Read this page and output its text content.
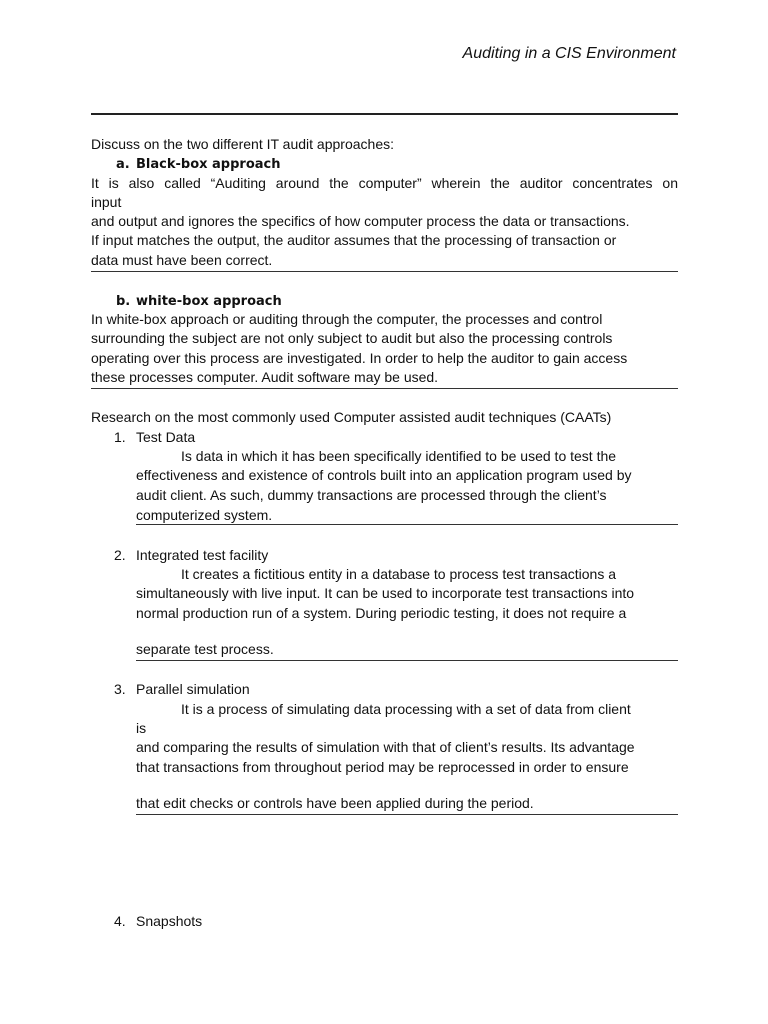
Auditing in a CIS Environment
Discuss on the two different IT audit approaches:
a. Black-box approach
It is also called “Auditing around the computer” wherein the auditor concentrates on
input
and output and ignores the specifics of how computer process the data or transactions.
If input matches the output, the auditor assumes that the processing of transaction or
data must have been correct.
b. white-box approach
In white-box approach or auditing through the computer, the processes and control
surrounding the subject are not only subject to audit but also the processing controls
operating over this process are investigated. In order to help the auditor to gain access
these processes computer. Audit software may be used.
Research on the most commonly used Computer assisted audit techniques (CAATs)
1. Test Data
Is data in which it has been specifically identified to be used to test the
effectiveness and existence of controls built into an application program used by
audit client. As such, dummy transactions are processed through the client’s
computerized system.
2. Integrated test facility
It creates a fictitious entity in a database to process test transactions a
simultaneously with live input. It can be used to incorporate test transactions into
normal production run of a system. During periodic testing, it does not require a
separate test process.
3. Parallel simulation
It is a process of simulating data processing with a set of data from client
is
and comparing the results of simulation with that of client’s results. Its advantage
that transactions from throughout period may be reprocessed in order to ensure
that edit checks or controls have been applied during the period.
4. Snapshots
